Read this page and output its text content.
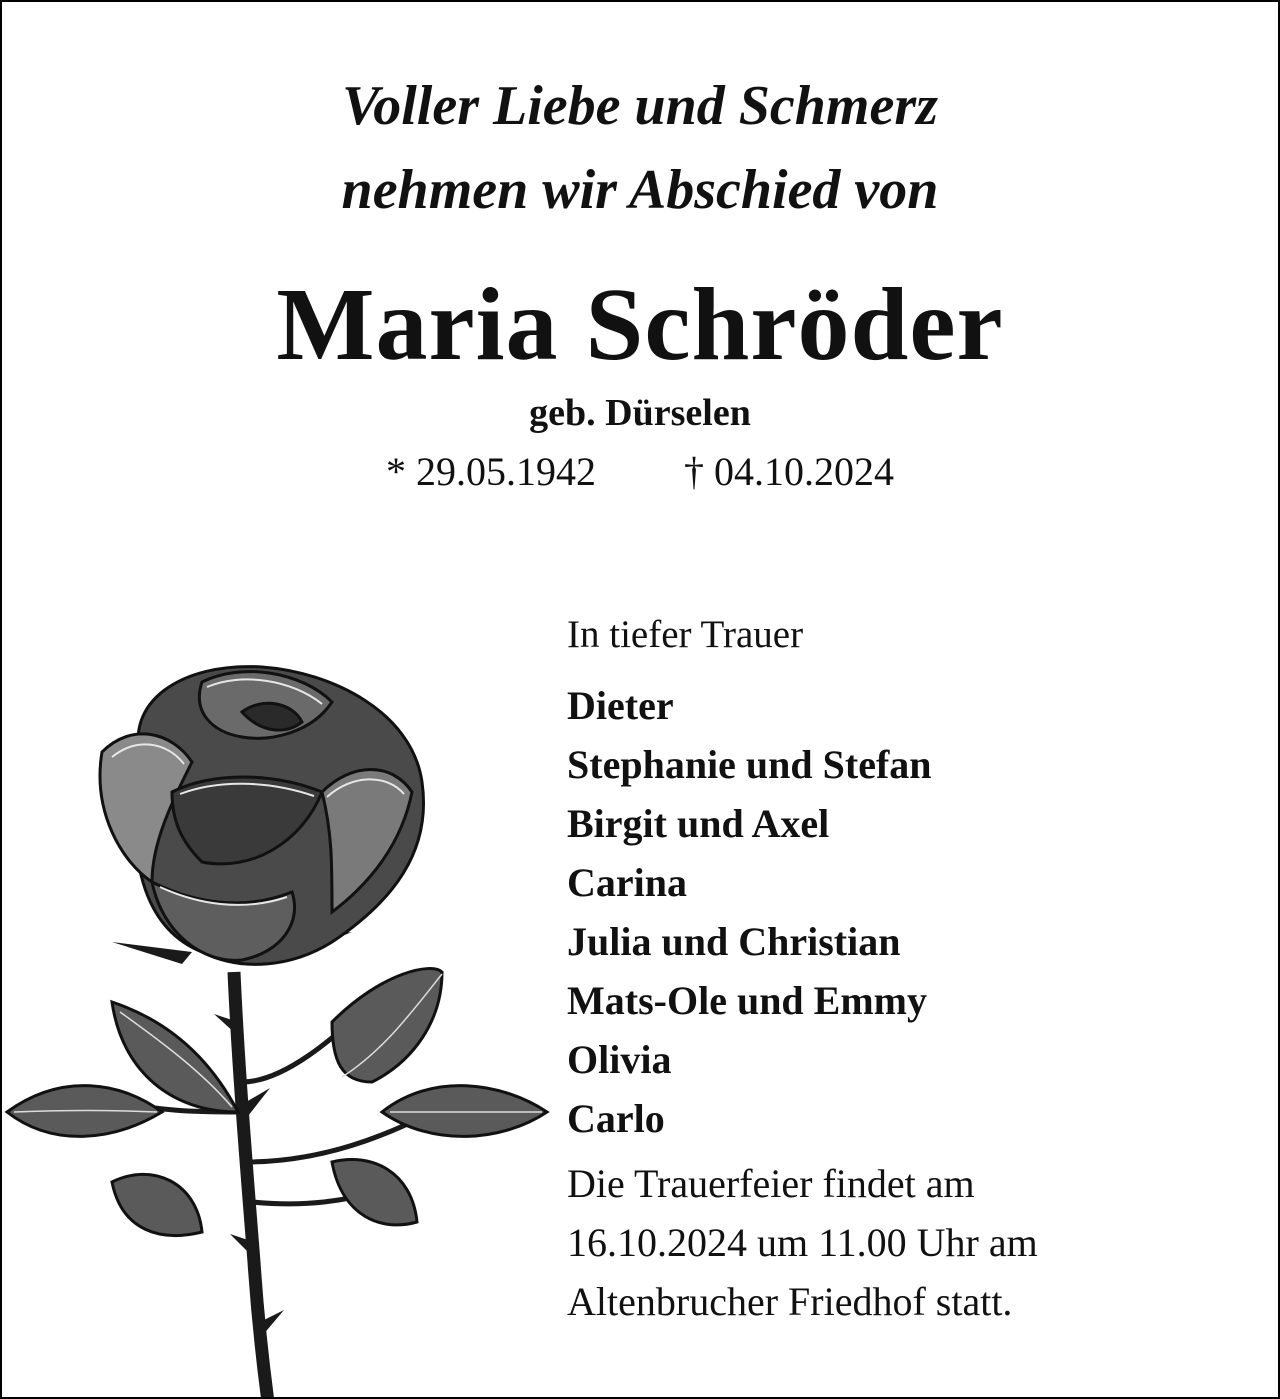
Voller Liebe und Schmerz
nehmen wir Abschied von
Maria Schröder
geb. Dürselen
* 29.05.1942 † 04.10.2024
In tiefer Trauer
Dieter
Stephanie und Stefan
Birgit und Axel
Carina
Julia und Christian
Mats-Ole und Emmy
Olivia
Carlo
Die Trauerfeier findet am
16.10.2024 um 11.00 Uhr am
Altenbrucher Friedhof statt.
